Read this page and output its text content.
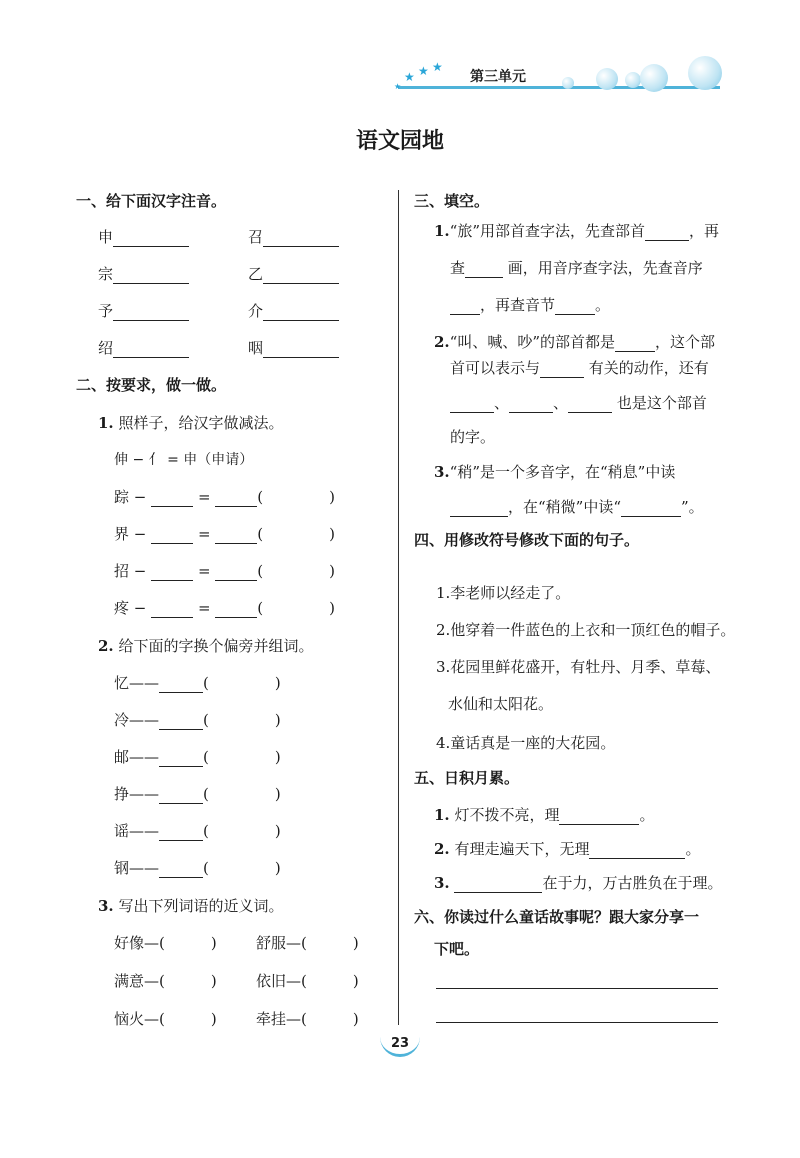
★ ★ ★
★
第三单元
语文园地
一、给下面汉字注音。
申	召
宗	乙
予	介
绍	咽
二、按要求，做一做。
1. 照样子，给汉字做减法。
伸 − 亻 = 申（申请）
踪 −	=	(	)
界 −	=	(	)
招 −	=	(	)
疼 −	=	(	)
2. 给下面的字换个偏旁并组词。
忆——	(	)
冷——	(	)
邮——	(	)
挣——	(	)
谣——	(	)
钢——	(	)
3. 写出下列词语的近义词。
好像—(	)	舒服—(	)
满意—(	)	依旧—(	)
恼火—(	)	牵挂—(	)
三、填空。
1.“旅”用部首查字法，先查部首	，再
查	画，用音序查字法，先查音序
，再查音节	。
2.“叫、喊、吵”的部首都是	，这个部
首可以表示与	有关的动作，还有
、	、	也是这个部首
的字。
3.“稍”是一个多音字，在“稍息”中读
，在“稍微”中读“	”。
四、用修改符号修改下面的句子。
1.李老师以经走了。
2.他穿着一件蓝色的上衣和一顶红色的帽子。
3.花园里鲜花盛开，有牡丹、月季、草莓、
水仙和太阳花。
4.童话真是一座的大花园。
五、日积月累。
1. 灯不拨不亮，理	。
2. 有理走遍天下，无理	。
3.	在于力，万古胜负在于理。
六、你读过什么童话故事呢？跟大家分享一
下吧。
23
